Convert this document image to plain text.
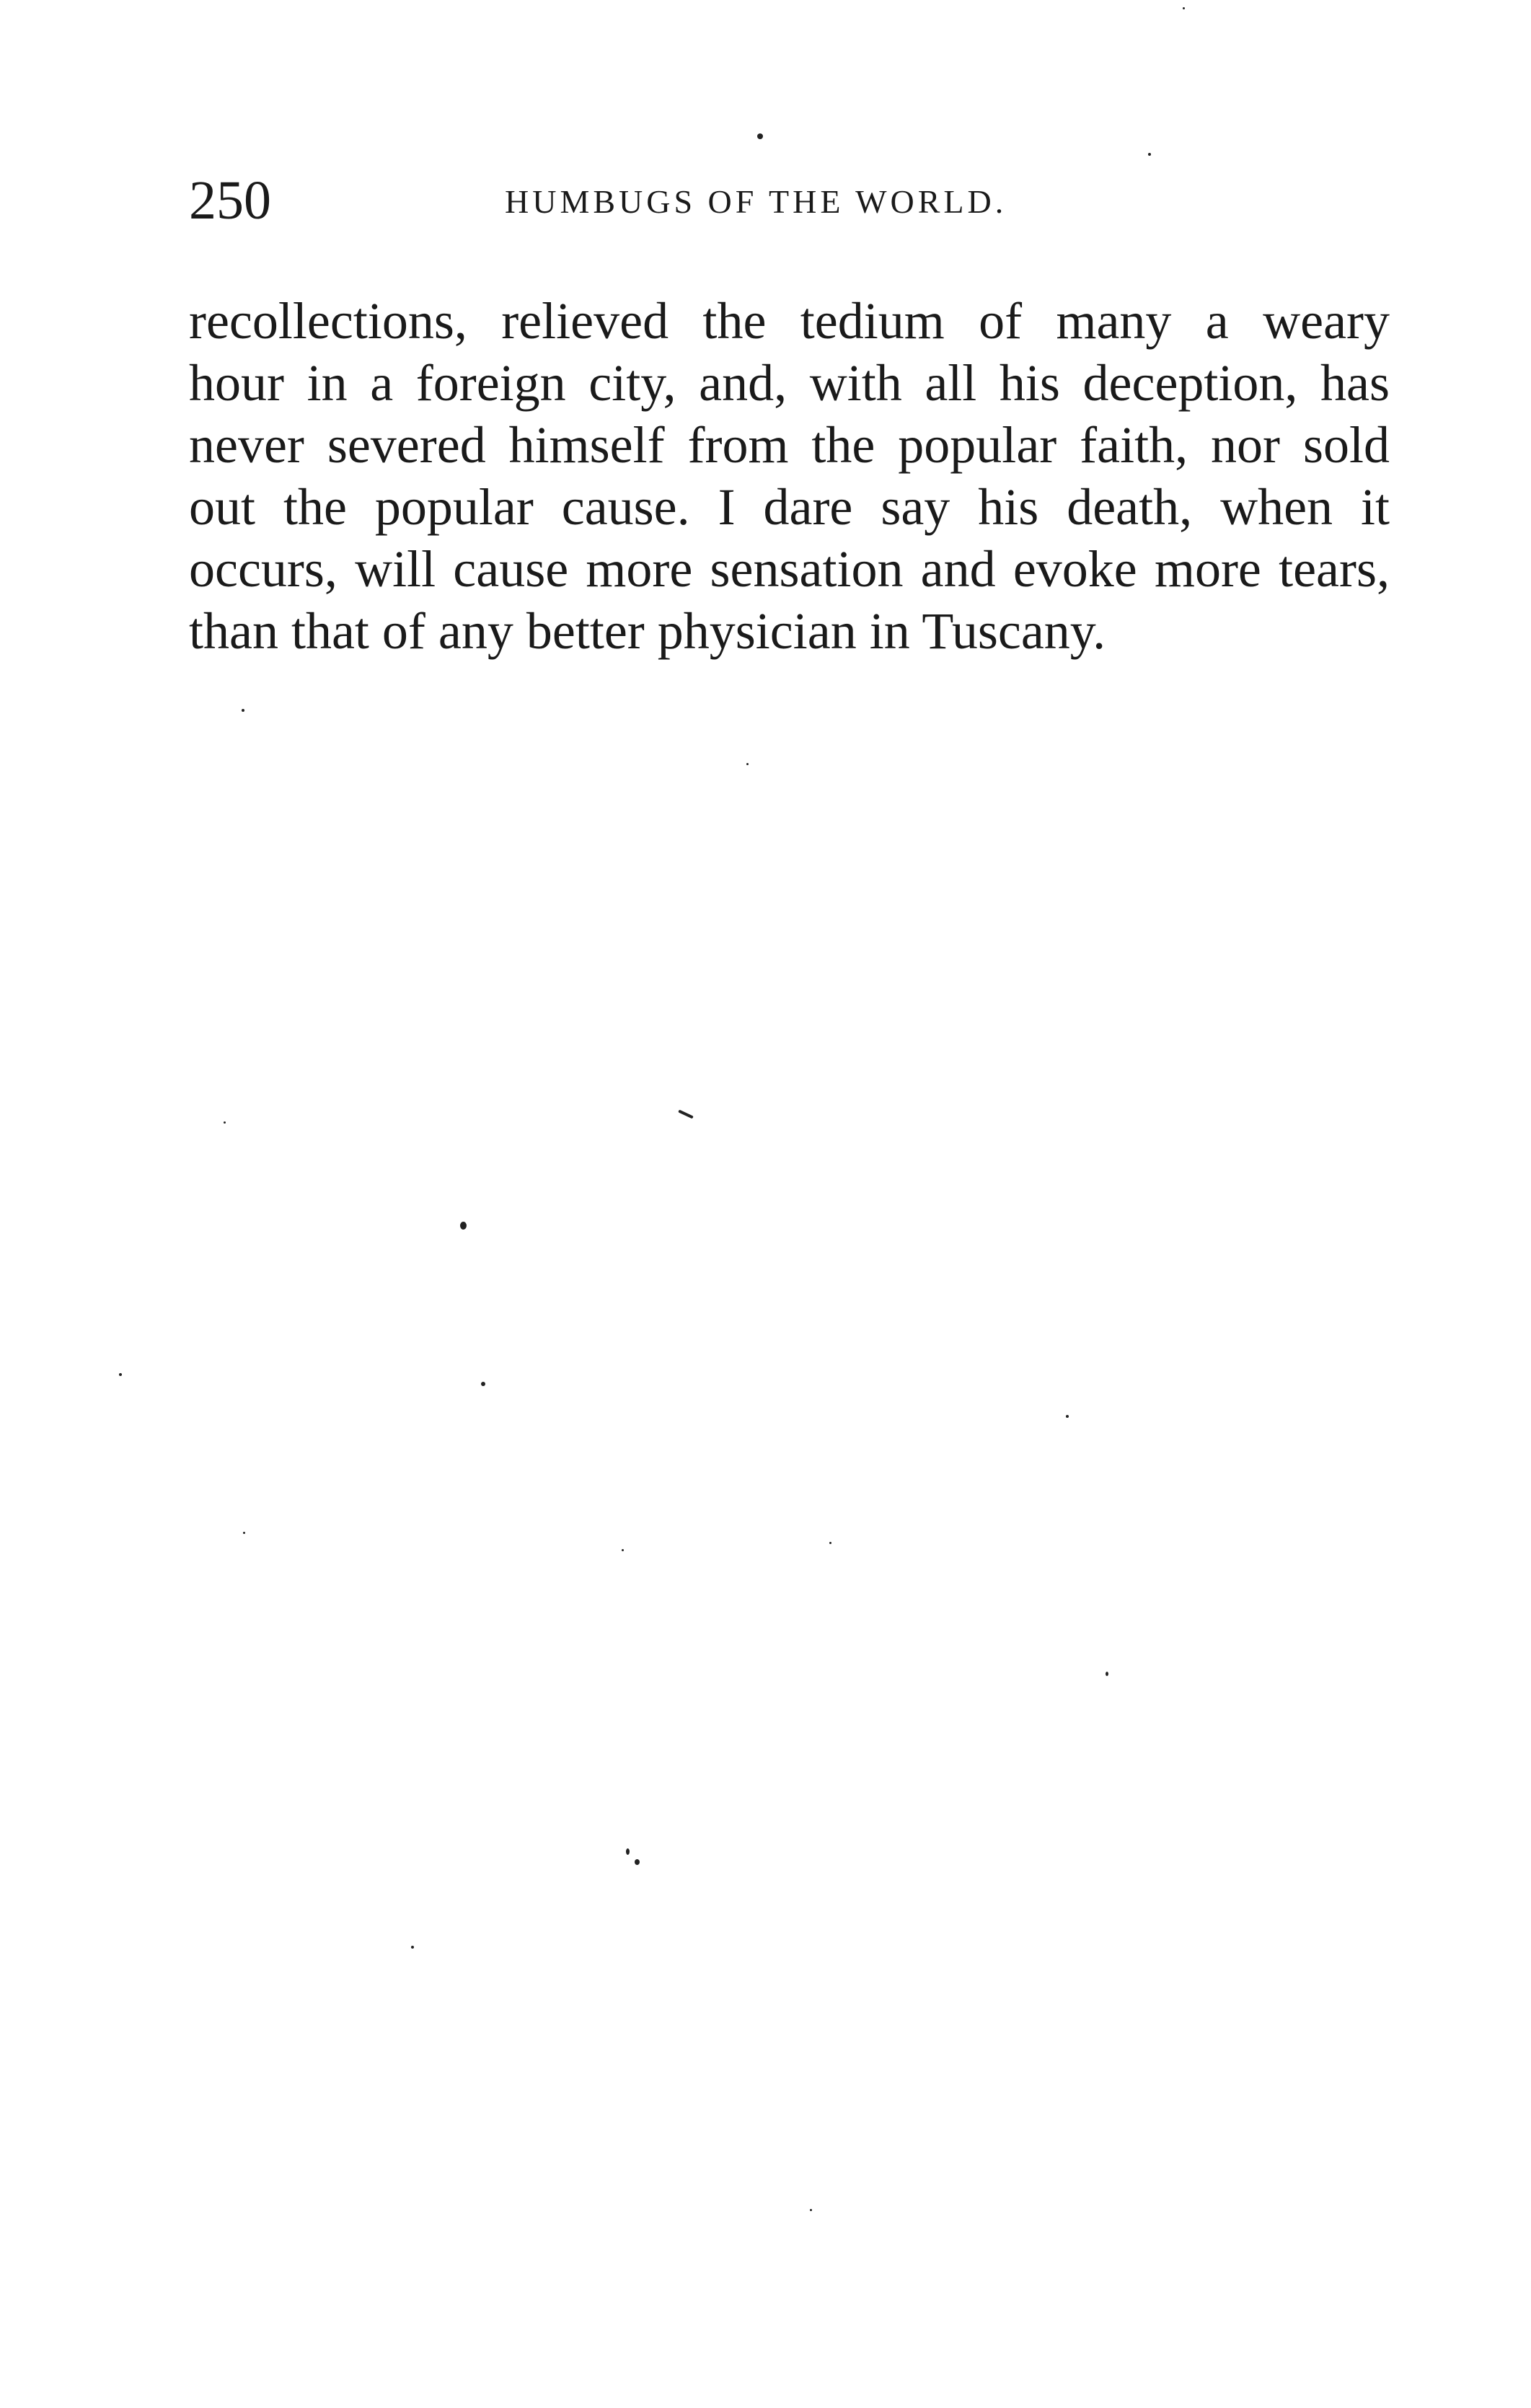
250	HUMBUGS OF THE WORLD.
recollections, relieved the tedium of many a weary
hour in a foreign city, and, with all his deception, has
never severed himself from the popular faith, nor sold
out the popular cause. I dare say his death, when it
occurs, will cause more sensation and evoke more tears,
than that of any better physician in Tuscany.
